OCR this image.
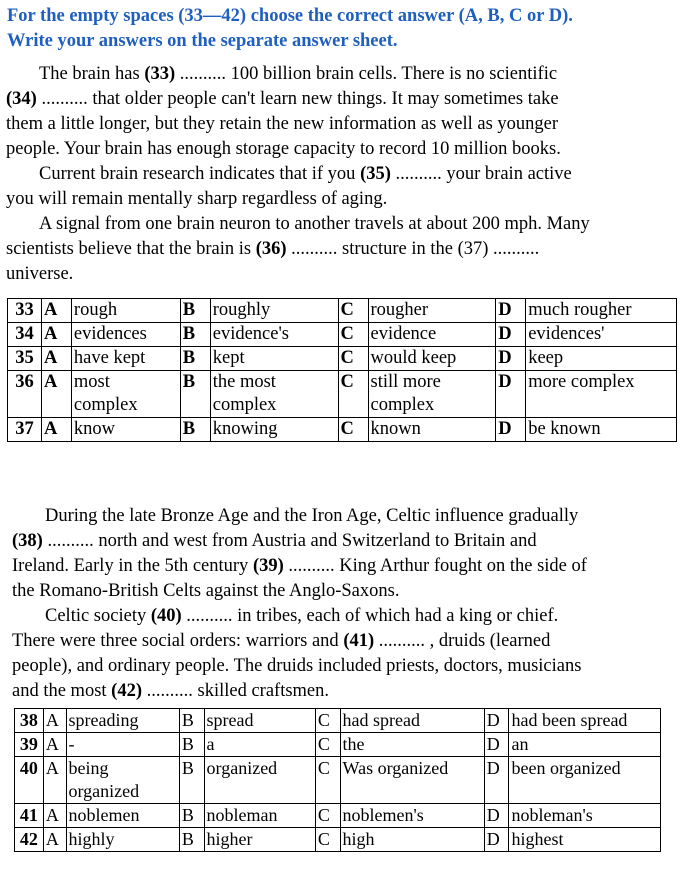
For the empty spaces (33—42) choose the correct answer (A, B, C or D).
Write your answers on the separate answer sheet.
The brain has (33) .......... 100 billion brain cells. There is no scientific
(34) .......... that older people can't learn new things. It may sometimes take
them a little longer, but they retain the new information as well as younger
people. Your brain has enough storage capacity to record 10 million books.
Current brain research indicates that if you (35) .......... your brain active
you will remain mentally sharp regardless of aging.
A signal from one brain neuron to another travels at about 200 mph. Many
scientists believe that the brain is (36) .......... structure in the (37) ..........
universe.
33	A	rough	B	roughly	C	rougher	D	much rougher
34	A	evidences	B	evidence's	C	evidence	D	evidences'
35	A	have kept	B	kept	C	would keep	D	keep
36	A	most complex	B	the most complex	C	still more complex	D	more complex
37	A	know	B	knowing	C	known	D	be known
During the late Bronze Age and the Iron Age, Celtic influence gradually
(38) .......... north and west from Austria and Switzerland to Britain and
Ireland. Early in the 5th century (39) .......... King Arthur fought on the side of
the Romano-British Celts against the Anglo-Saxons.
Celtic society (40) .......... in tribes, each of which had a king or chief.
There were three social orders: warriors and (41) .......... , druids (learned
people), and ordinary people. The druids included priests, doctors, musicians
and the most (42) .......... skilled craftsmen.
38	A	spreading	B	spread	C	had spread	D	had been spread
39	A	-	B	a	C	the	D	an
40	A	being organized	B	organized	C	Was organized	D	been organized
41	A	noblemen	B	nobleman	C	noblemen's	D	nobleman's
42	A	highly	B	higher	C	high	D	highest
